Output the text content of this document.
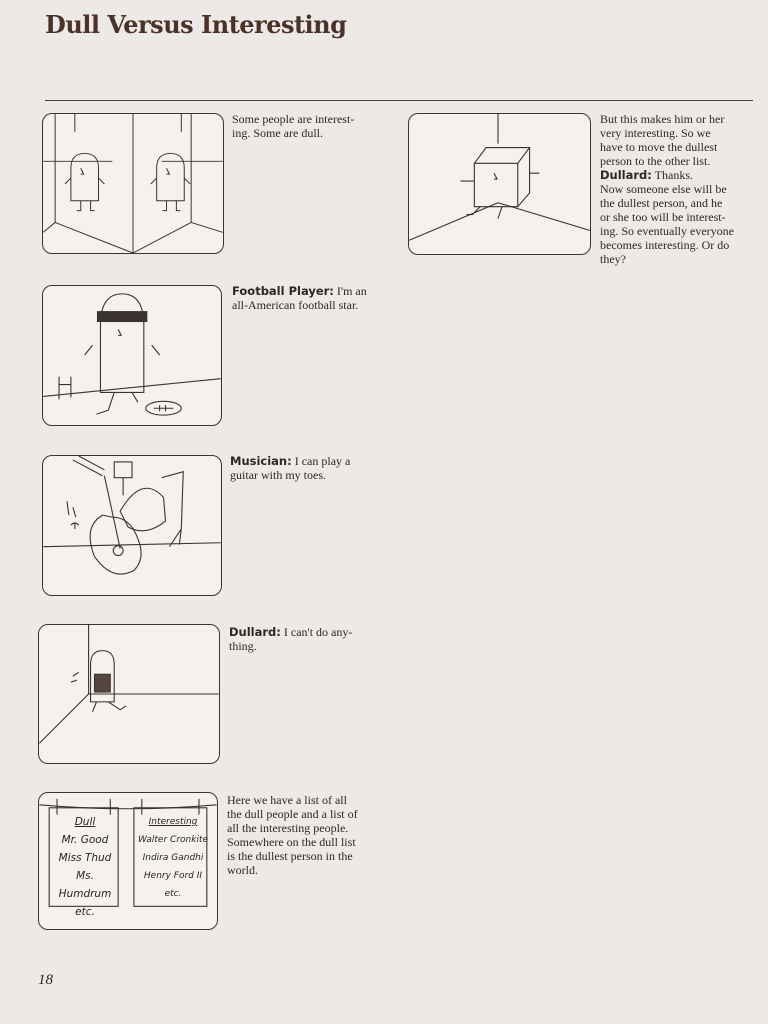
Dull Versus Interesting
Some people are interest-
ing. Some are dull.
Football Player: I'm an
all-American football star.
Musician: I can play a
guitar with my toes.
Dullard: I can't do any-
thing.
Dull
Mr. Good
Miss Thud
Ms. Humdrum
etc.
Interesting
Walter Cronkite
Indira Gandhi
Henry Ford II
etc.
Here we have a list of all
the dull people and a list of
all the interesting people.
Somewhere on the dull list
is the dullest person in the
world.
But this makes him or her
very interesting. So we
have to move the dullest
person to the other list.
Dullard: Thanks.
Now someone else will be
the dullest person, and he
or she too will be interest-
ing. So eventually everyone
becomes interesting. Or do
they?
18
